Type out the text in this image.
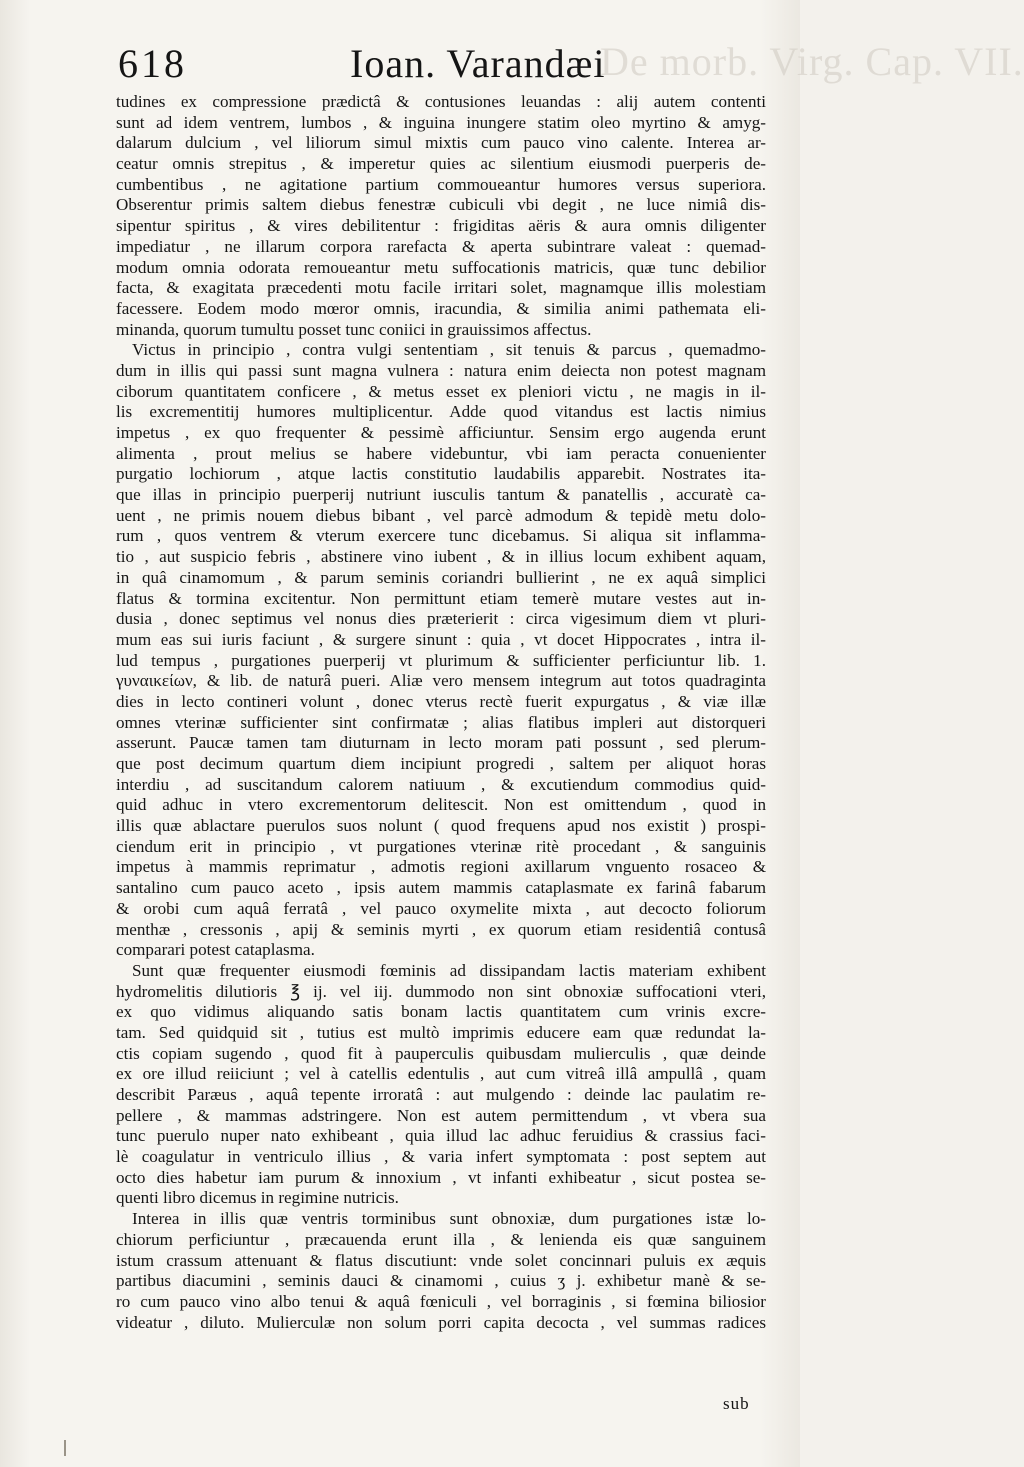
De morb. Virg. Cap. VII.
618	Ioan. Varandæi
tudines ex compressione prædictâ & contusiones leuandas : alij autem contenti
sunt ad idem ventrem, lumbos , & inguina inungere statim oleo myrtino & amyg-
dalarum dulcium , vel liliorum simul mixtis cum pauco vino calente. Interea ar-
ceatur omnis strepitus , & imperetur quies ac silentium eiusmodi puerperis de-
cumbentibus , ne agitatione partium commoueantur humores versus superiora.
Obserentur primis saltem diebus fenestræ cubiculi vbi degit , ne luce nimiâ dis-
sipentur spiritus , & vires debilitentur : frigiditas aëris & aura omnis diligenter
impediatur , ne illarum corpora rarefacta & aperta subintrare valeat : quemad-
modum omnia odorata remoueantur metu suffocationis matricis, quæ tunc debilior
facta, & exagitata præcedenti motu facile irritari solet, magnamque illis molestiam
facessere. Eodem modo mœror omnis, iracundia, & similia animi pathemata eli-
minanda, quorum tumultu posset tunc coniici in grauissimos affectus.
Victus in principio , contra vulgi sententiam , sit tenuis & parcus , quemadmo-
dum in illis qui passi sunt magna vulnera : natura enim deiecta non potest magnam
ciborum quantitatem conficere , & metus esset ex pleniori victu , ne magis in il-
lis excrementitij humores multiplicentur. Adde quod vitandus est lactis nimius
impetus , ex quo frequenter & pessimè afficiuntur. Sensim ergo augenda erunt
alimenta , prout melius se habere videbuntur, vbi iam peracta conuenienter
purgatio lochiorum , atque lactis constitutio laudabilis apparebit. Nostrates ita-
que illas in principio puerperij nutriunt iusculis tantum & panatellis , accuratè ca-
uent , ne primis nouem diebus bibant , vel parcè admodum & tepidè metu dolo-
rum , quos ventrem & vterum exercere tunc dicebamus. Si aliqua sit inflamma-
tio , aut suspicio febris , abstinere vino iubent , & in illius locum exhibent aquam,
in quâ cinamomum , & parum seminis coriandri bullierint , ne ex aquâ simplici
flatus & tormina excitentur. Non permittunt etiam temerè mutare vestes aut in-
dusia , donec septimus vel nonus dies præterierit : circa vigesimum diem vt pluri-
mum eas sui iuris faciunt , & surgere sinunt : quia , vt docet Hippocrates , intra il-
lud tempus , purgationes puerperij vt plurimum & sufficienter perficiuntur lib. 1.
γυναικείων, & lib. de naturâ pueri. Aliæ vero mensem integrum aut totos quadraginta
dies in lecto contineri volunt , donec vterus rectè fuerit expurgatus , & viæ illæ
omnes vterinæ sufficienter sint confirmatæ ; alias flatibus impleri aut distorqueri
asserunt. Paucæ tamen tam diuturnam in lecto moram pati possunt , sed plerum-
que post decimum quartum diem incipiunt progredi , saltem per aliquot horas
interdiu , ad suscitandum calorem natiuum , & excutiendum commodius quid-
quid adhuc in vtero excrementorum delitescit. Non est omittendum , quod in
illis quæ ablactare puerulos suos nolunt ( quod frequens apud nos existit ) prospi-
ciendum erit in principio , vt purgationes vterinæ ritè procedant , & sanguinis
impetus à mammis reprimatur , admotis regioni axillarum vnguento rosaceo &
santalino cum pauco aceto , ipsis autem mammis cataplasmate ex farinâ fabarum
& orobi cum aquâ ferratâ , vel pauco oxymelite mixta , aut decocto foliorum
menthæ , cressonis , apij & seminis myrti , ex quorum etiam residentiâ contusâ
comparari potest cataplasma.
Sunt quæ frequenter eiusmodi fœminis ad dissipandam lactis materiam exhibent
hydromelitis dilutioris ℥ ij. vel iij. dummodo non sint obnoxiæ suffocationi vteri,
ex quo vidimus aliquando satis bonam lactis quantitatem cum vrinis excre-
tam. Sed quidquid sit , tutius est multò imprimis educere eam quæ redundat la-
ctis copiam sugendo , quod fit à pauperculis quibusdam mulierculis , quæ deinde
ex ore illud reiiciunt ; vel à catellis edentulis , aut cum vitreâ illâ ampullâ , quam
describit Paræus , aquâ tepente irroratâ : aut mulgendo : deinde lac paulatim re-
pellere , & mammas adstringere. Non est autem permittendum , vt vbera sua
tunc puerulo nuper nato exhibeant , quia illud lac adhuc feruidius & crassius faci-
lè coagulatur in ventriculo illius , & varia infert symptomata : post septem aut
octo dies habetur iam purum & innoxium , vt infanti exhibeatur , sicut postea se-
quenti libro dicemus in regimine nutricis.
Interea in illis quæ ventris torminibus sunt obnoxiæ, dum purgationes istæ lo-
chiorum perficiuntur , præcauenda erunt illa , & lenienda eis quæ sanguinem
istum crassum attenuant & flatus discutiunt: vnde solet concinnari puluis ex æquis
partibus diacumini , seminis dauci & cinamomi , cuius ʒ j. exhibetur manè & se-
ro cum pauco vino albo tenui & aquâ fœniculi , vel borraginis , si fœmina biliosior
videatur , diluto. Mulierculæ non solum porri capita decocta , vel summas radices
sub
